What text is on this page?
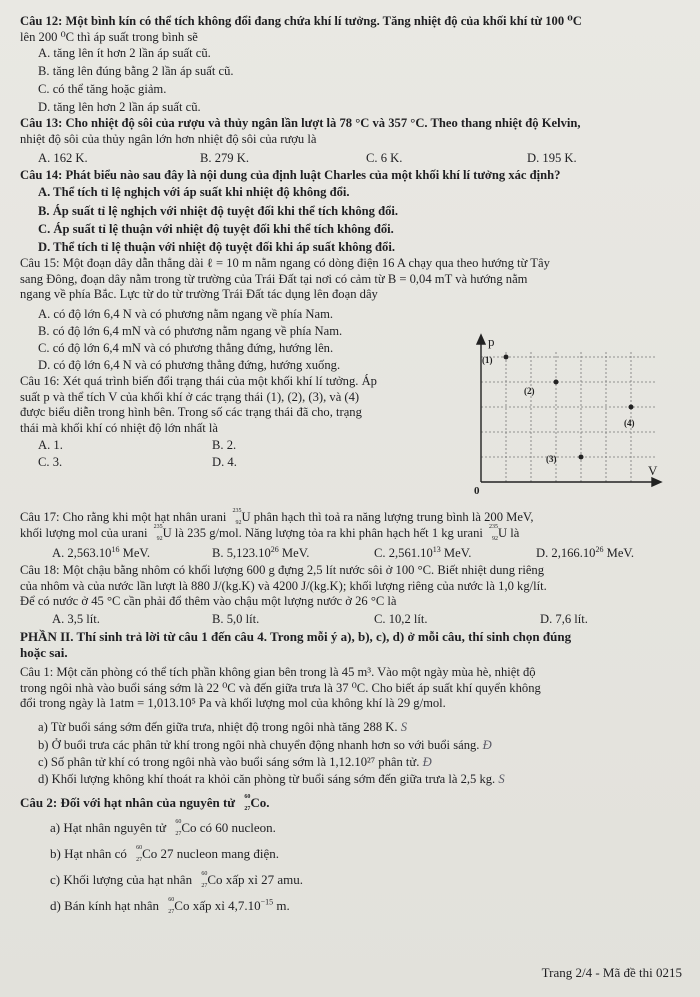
Câu 12: Một bình kín có thể tích không đổi đang chứa khí lí tưởng. Tăng nhiệt độ của khối khí từ 100 ⁰C
lên 200 ⁰C thì áp suất trong bình sẽ
A. tăng lên ít hơn 2 lần áp suất cũ.
B. tăng lên đúng bằng 2 lần áp suất cũ.
C. có thể tăng hoặc giảm.
D. tăng lên hơn 2 lần áp suất cũ.
Câu 13: Cho nhiệt độ sôi của rượu và thủy ngân lần lượt là 78 °C và 357 °C. Theo thang nhiệt độ Kelvin,
nhiệt độ sôi của thủy ngân lớn hơn nhiệt độ sôi của rượu là
A. 162 K.	B. 279 K.	C. 6 K.	D. 195 K.
Câu 14: Phát biểu nào sau đây là nội dung của định luật Charles của một khối khí lí tưởng xác định?
A. Thể tích tỉ lệ nghịch với áp suất khi nhiệt độ không đổi.
B. Áp suất tỉ lệ nghịch với nhiệt độ tuyệt đối khi thể tích không đổi.
C. Áp suất tỉ lệ thuận với nhiệt độ tuyệt đối khi thể tích không đổi.
D. Thể tích tỉ lệ thuận với nhiệt độ tuyệt đối khi áp suất không đổi.
Câu 15: Một đoạn dây dẫn thẳng dài ℓ = 10 m nằm ngang có dòng điện 16 A chạy qua theo hướng từ Tây
sang Đông, đoạn dây nằm trong từ trường của Trái Đất tại nơi có cảm từ B = 0,04 mT và hướng nằm
ngang về phía Bắc. Lực từ do từ trường Trái Đất tác dụng lên đoạn dây
A. có độ lớn 6,4 N và có phương nằm ngang về phía Nam.
B. có độ lớn 6,4 mN và có phương nằm ngang về phía Nam.
C. có độ lớn 6,4 mN và có phương thẳng đứng, hướng lên.
D. có độ lớn 6,4 N và có phương thẳng đứng, hướng xuống.
Câu 16: Xét quá trình biến đổi trạng thái của một khối khí lí tưởng. Áp
suất p và thể tích V của khối khí ở các trạng thái (1), (2), (3), và (4)
được biểu diễn trong hình bên. Trong số các trạng thái đã cho, trạng
thái mà khối khí có nhiệt độ lớn nhất là
A. 1.	B. 2.
C. 3.	D. 4.
p
V
0
(1)
(2)
(3)
(4)
Câu 17: Cho rằng khi một hạt nhân urani 235
92 U phân hạch thì toả ra năng lượng trung bình là 200 MeV,
khối lượng mol của urani 235
92 U là 235 g/mol. Năng lượng tỏa ra khi phân hạch hết 1 kg urani 235
92 U là
A. 2,563.10$^{16}$ MeV.	B. 5,123.10$^{26}$ MeV.	C. 2,561.10$^{13}$ MeV.	D. 2,166.10$^{26}$ MeV.
Câu 18: Một chậu bằng nhôm có khối lượng 600 g đựng 2,5 lít nước sôi ở 100 °C. Biết nhiệt dung riêng
của nhôm và của nước lần lượt là 880 J/(kg.K) và 4200 J/(kg.K); khối lượng riêng của nước là 1,0 kg/lít.
Để có nước ở 45 °C cần phải đổ thêm vào chậu một lượng nước ở 26 °C là
A. 3,5 lít.	B. 5,0 lít.	C. 10,2 lít.	D. 7,6 lít.
PHẦN II. Thí sinh trả lời từ câu 1 đến câu 4. Trong mỗi ý a), b), c), d) ở mỗi câu, thí sinh chọn đúng
hoặc sai.
Câu 1: Một căn phòng có thể tích phần không gian bên trong là 45 m³. Vào một ngày mùa hè, nhiệt độ
trong ngôi nhà vào buổi sáng sớm là 22 ⁰C và đến giữa trưa là 37 ⁰C. Cho biết áp suất khí quyển không
đổi trong ngày là 1atm = 1,013.10⁵ Pa và khối lượng mol của không khí là 29 g/mol.
a) Từ buổi sáng sớm đến giữa trưa, nhiệt độ trong ngôi nhà tăng 288 K. S
b) Ở buổi trưa các phân tử khí trong ngôi nhà chuyển động nhanh hơn so với buổi sáng. Đ
c) Số phân tử khí có trong ngôi nhà vào buổi sáng sớm là 1,12.10²⁷ phân tử. Đ
d) Khối lượng không khí thoát ra khỏi căn phòng từ buổi sáng sớm đến giữa trưa là 2,5 kg. S
Câu 2: Đối với hạt nhân của nguyên tử 60
27 Co.
a) Hạt nhân nguyên tử 60
27 Co có 60 nucleon.
b) Hạt nhân có 60
27 Co 27 nucleon mang điện.
c) Khối lượng của hạt nhân 60
27 Co xấp xỉ 27 amu.
d) Bán kính hạt nhân 60
27 Co xấp xỉ $4,7.10^{-15}$ m.
Trang 2/4 - Mã đề thi 0215
